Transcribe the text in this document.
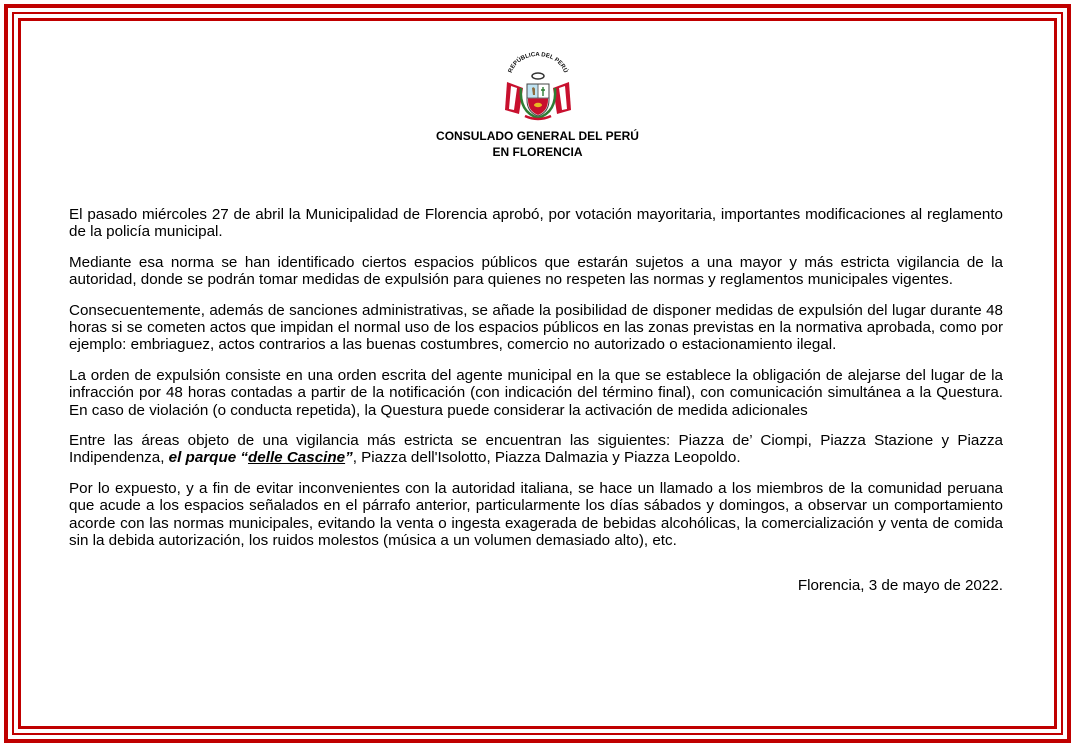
REPÚBLICA DEL PERÚ
CONSULADO GENERAL DEL PERÚ
EN FLORENCIA

El pasado miércoles 27 de abril la Municipalidad de Florencia aprobó, por votación mayoritaria, importantes modificaciones al reglamento de la policía municipal.

Mediante esa norma se han identificado ciertos espacios públicos que estarán sujetos a una mayor y más estricta vigilancia de la autoridad, donde se podrán tomar medidas de expulsión para quienes no respeten las normas y reglamentos municipales vigentes.

Consecuentemente, además de sanciones administrativas, se añade la posibilidad de disponer medidas de expulsión del lugar durante 48 horas si se cometen actos que impidan el normal uso de los espacios públicos en las zonas previstas en la normativa aprobada, como por ejemplo: embriaguez, actos contrarios a las buenas costumbres, comercio no autorizado o estacionamiento ilegal.

La orden de expulsión consiste en una orden escrita del agente municipal en la que se establece la obligación de alejarse del lugar de la infracción por 48 horas contadas a partir de la notificación (con indicación del término final), con comunicación simultánea a la Questura. En caso de violación (o conducta repetida), la Questura puede considerar la activación de medida adicionales

Entre las áreas objeto de una vigilancia más estricta se encuentran las siguientes: Piazza de’ Ciompi, Piazza Stazione y Piazza Indipendenza, el parque “delle Cascine”, Piazza dell'Isolotto, Piazza Dalmazia y Piazza Leopoldo.

Por lo expuesto, y a fin de evitar inconvenientes con la autoridad italiana, se hace un llamado a los miembros de la comunidad peruana que acude a los espacios señalados en el párrafo anterior, particularmente los días sábados y domingos, a observar un comportamiento acorde con las normas municipales, evitando la venta o ingesta exagerada de bebidas alcohólicas, la comercialización y venta de comida sin la debida autorización, los ruidos molestos (música a un volumen demasiado alto), etc.

Florencia, 3 de mayo de 2022.
